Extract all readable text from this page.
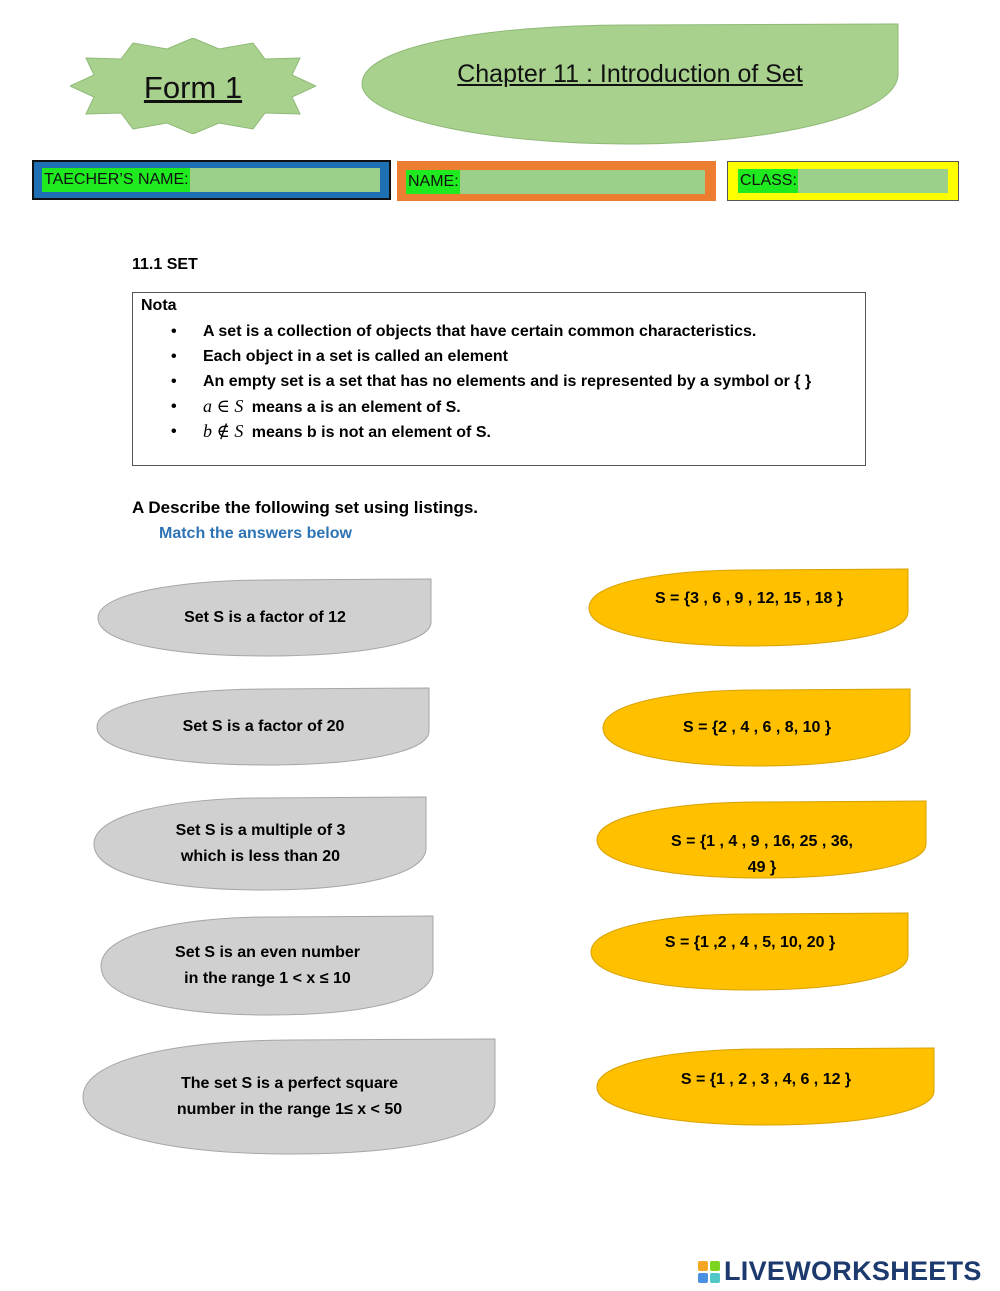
Form 1	Chapter 11 : Introduction of Set
TAECHER’S NAME:	NAME:	CLASS:
11.1 SET
Nota
• A set is a collection of objects that have certain common characteristics.
• Each object in a set is called an element
• An empty set is a set that has no elements and is represented by a symbol or { }
• a ∈ S means a is an element of S.
• b ∉ S means b is not an element of S.
A Describe the following set using listings.
Match the answers below
Set S is a factor of 12
Set S is a factor of 20
Set S is a multiple of 3
which is less than 20
Set S is an even number
in the range 1 < x ≤ 10
The set S is a perfect square
number in the range 1≤ x < 50
S = {3 , 6 , 9 , 12, 15 , 18 }
S = {2 , 4 , 6 , 8, 10 }
S = {1 , 4 , 9 , 16, 25 , 36,
49 }
S = {1 ,2 , 4 , 5, 10, 20 }
S = {1 , 2 , 3 , 4, 6 , 12 }
LIVEWORKSHEETS
